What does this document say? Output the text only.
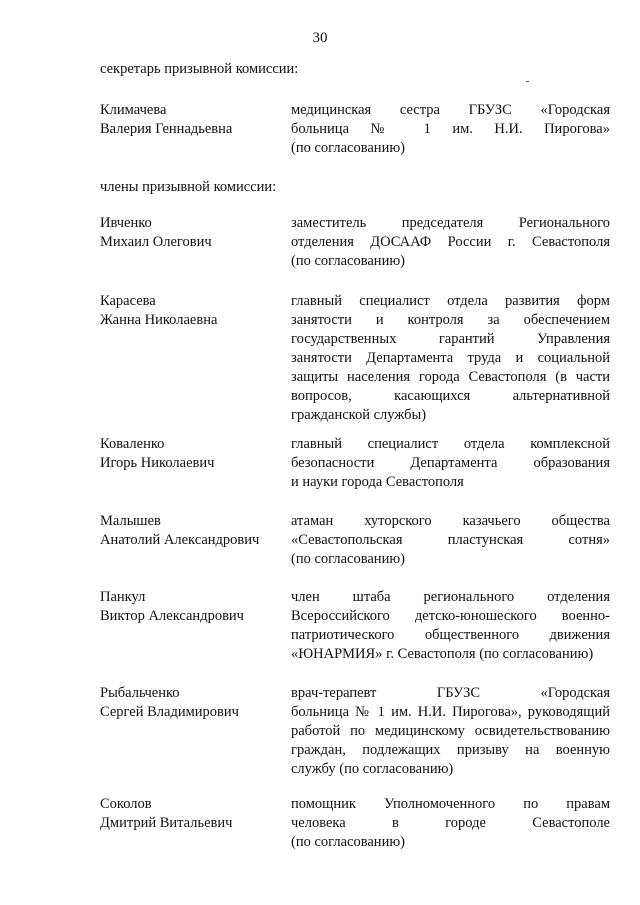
30
секретарь призывной комиссии:
Климачева
Валерия Геннадьевна
медицинская сестра ГБУЗС «Городская
больница № 1 им. Н.И. Пирогова»
(по согласованию)
члены призывной комиссии:
Ивченко
Михаил Олегович
заместитель председателя Регионального
отделения ДОСААФ России г. Севастополя
(по согласованию)
Карасева
Жанна Николаевна
главный специалист отдела развития форм
занятости и контроля за обеспечением
государственных гарантий Управления
занятости Департамента труда и социальной
защиты населения города Севастополя (в части
вопросов, касающихся альтернативной
гражданской службы)
Коваленко
Игорь Николаевич
главный специалист отдела комплексной
безопасности Департамента образования
и науки города Севастополя
Малышев
Анатолий Александрович
атаман хуторского казачьего общества
«Севастопольская пластунская сотня»
(по согласованию)
Панкул
Виктор Александрович
член штаба регионального отделения
Всероссийского детско-юношеского военно-
патриотического общественного движения
«ЮНАРМИЯ» г. Севастополя (по согласованию)
Рыбальченко
Сергей Владимирович
врач-терапевт ГБУЗС «Городская
больница № 1 им. Н.И. Пирогова», руководящий
работой по медицинскому освидетельствованию
граждан, подлежащих призыву на военную
службу (по согласованию)
Соколов
Дмитрий Витальевич
помощник Уполномоченного по правам
человека в городе Севастополе
(по согласованию)
